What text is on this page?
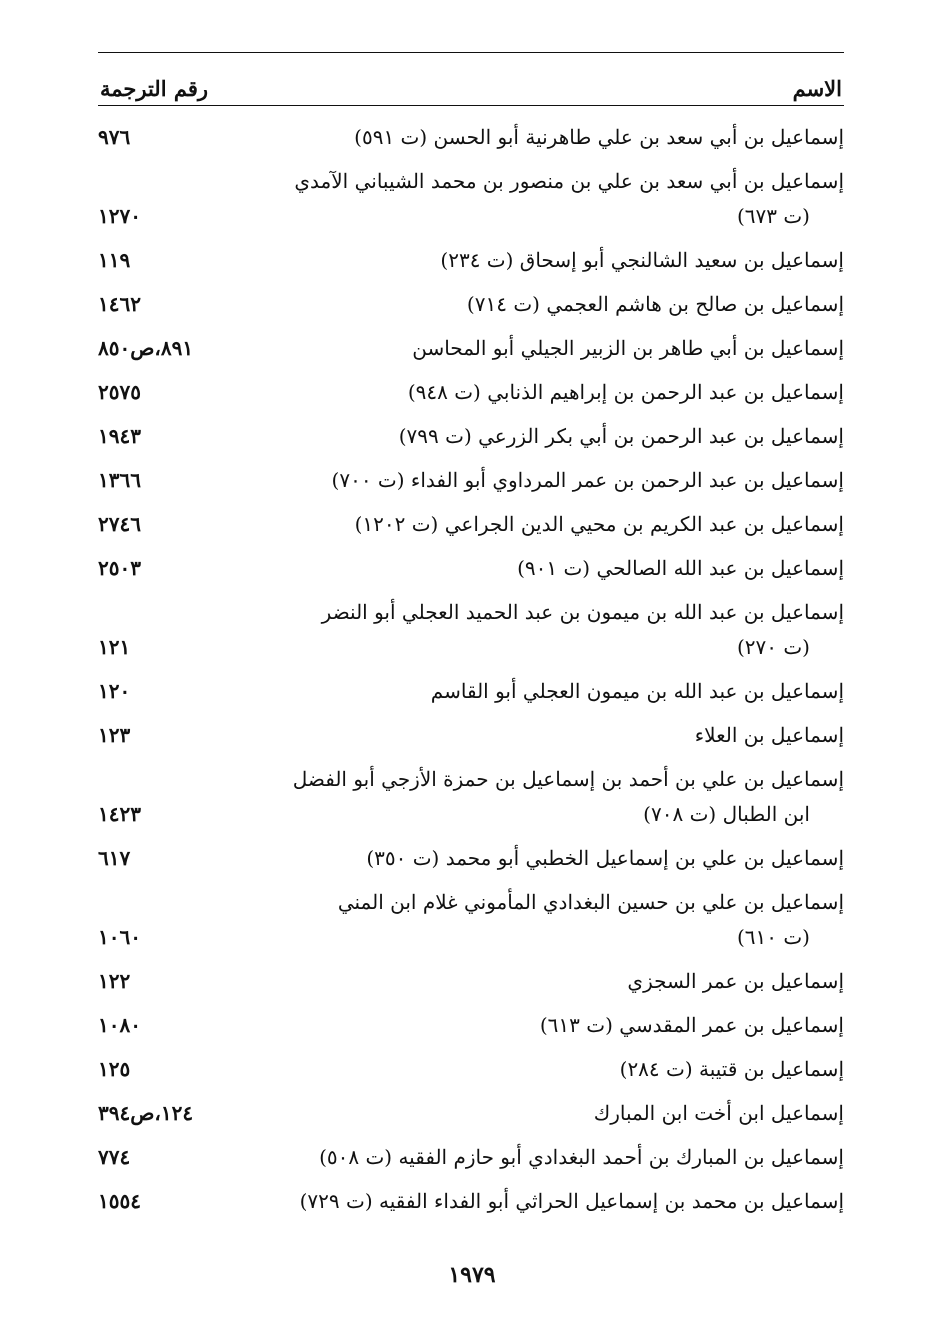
الاسم
رقم الترجمة
إسماعيل بن أبي سعد بن علي طاهرنية أبو الحسن (ت ٥٩١)
٩٧٦
إسماعيل بن أبي سعد بن علي بن منصور بن محمد الشيباني الآمدي
(ت ٦٧٣)
١٢٧٠
إسماعيل بن سعيد الشالنجي أبو إسحاق (ت ٢٣٤)
١١٩
إسماعيل بن صالح بن هاشم العجمي (ت ٧١٤)
١٤٦٢
إسماعيل بن أبي طاهر بن الزبير الجيلي أبو المحاسن
٨٩١،ص٨٥٠
إسماعيل بن عبد الرحمن بن إبراهيم الذنابي (ت ٩٤٨)
٢٥٧٥
إسماعيل بن عبد الرحمن بن أبي بكر الزرعي (ت ٧٩٩)
١٩٤٣
إسماعيل بن عبد الرحمن بن عمر المرداوي أبو الفداء (ت ٧٠٠)
١٣٦٦
إسماعيل بن عبد الكريم بن محيي الدين الجراعي (ت ١٢٠٢)
٢٧٤٦
إسماعيل بن عبد الله الصالحي (ت ٩٠١)
٢٥٠٣
إسماعيل بن عبد الله بن ميمون بن عبد الحميد العجلي أبو النضر
(ت ٢٧٠)
١٢١
إسماعيل بن عبد الله بن ميمون العجلي أبو القاسم
١٢٠
إسماعيل بن العلاء
١٢٣
إسماعيل بن علي بن أحمد بن إسماعيل بن حمزة الأزجي أبو الفضل
ابن الطبال (ت ٧٠٨)
١٤٢٣
إسماعيل بن علي بن إسماعيل الخطبي أبو محمد (ت ٣٥٠)
٦١٧
إسماعيل بن علي بن حسين البغدادي المأموني غلام ابن المني
(ت ٦١٠)
١٠٦٠
إسماعيل بن عمر السجزي
١٢٢
إسماعيل بن عمر المقدسي (ت ٦١٣)
١٠٨٠
إسماعيل بن قتيبة (ت ٢٨٤)
١٢٥
إسماعيل ابن أخت ابن المبارك
١٢٤،ص٣٩٤
إسماعيل بن المبارك بن أحمد البغدادي أبو حازم الفقيه (ت ٥٠٨)
٧٧٤
إسماعيل بن محمد بن إسماعيل الحراثي أبو الفداء الفقيه (ت ٧٢٩)
١٥٥٤
١٩٧٩
